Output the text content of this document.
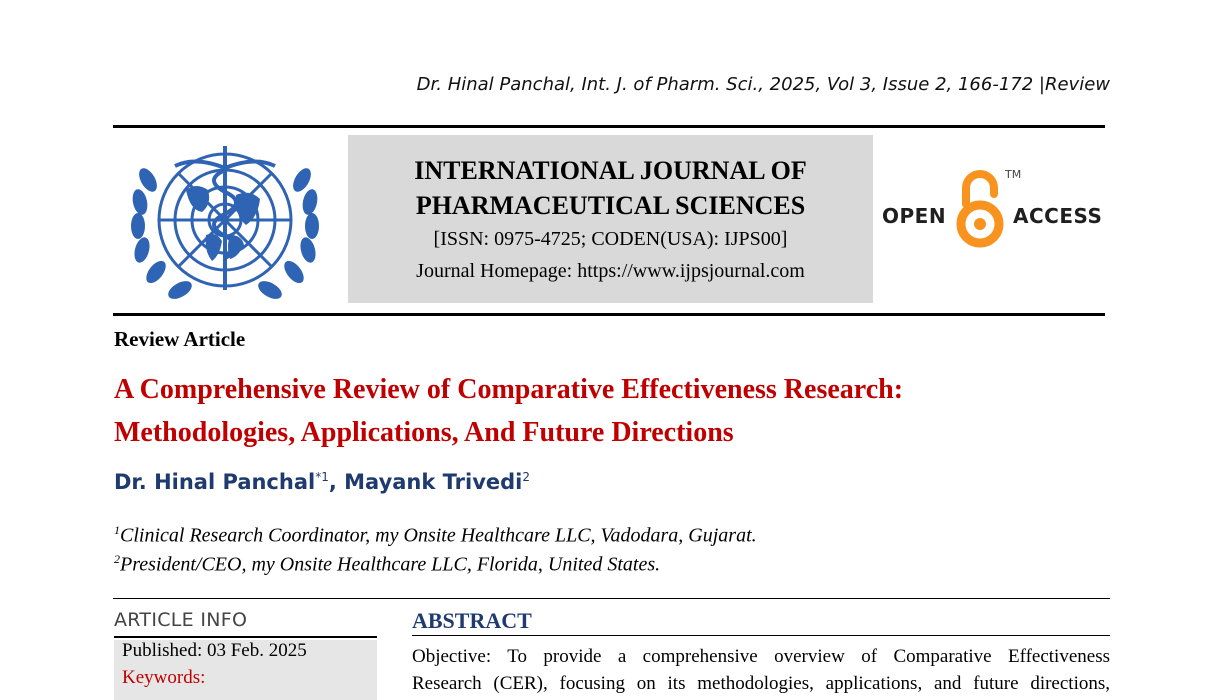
Dr. Hinal Panchal, Int. J. of Pharm. Sci., 2025, Vol 3, Issue 2, 166-172 |Review
INTERNATIONAL JOURNAL OF
PHARMACEUTICAL SCIENCES
[ISSN: 0975-4725; CODEN(USA): IJPS00]
Journal Homepage: https://www.ijpsjournal.com
OPEN
TM
ACCESS
Review Article
A Comprehensive Review of Comparative Effectiveness Research:
Methodologies, Applications, And Future Directions
Dr. Hinal Panchal$^{*1}$, Mayank Trivedi$^2$
$^1$Clinical Research Coordinator, my Onsite Healthcare LLC, Vadodara, Gujarat.
$^2$President/CEO, my Onsite Healthcare LLC, Florida, United States.
ARTICLE INFO
Published: 03 Feb. 2025
Keywords:
ABSTRACT
Objective: To provide a comprehensive overview of Comparative Effectiveness
Research (CER), focusing on its methodologies, applications, and future directions,
